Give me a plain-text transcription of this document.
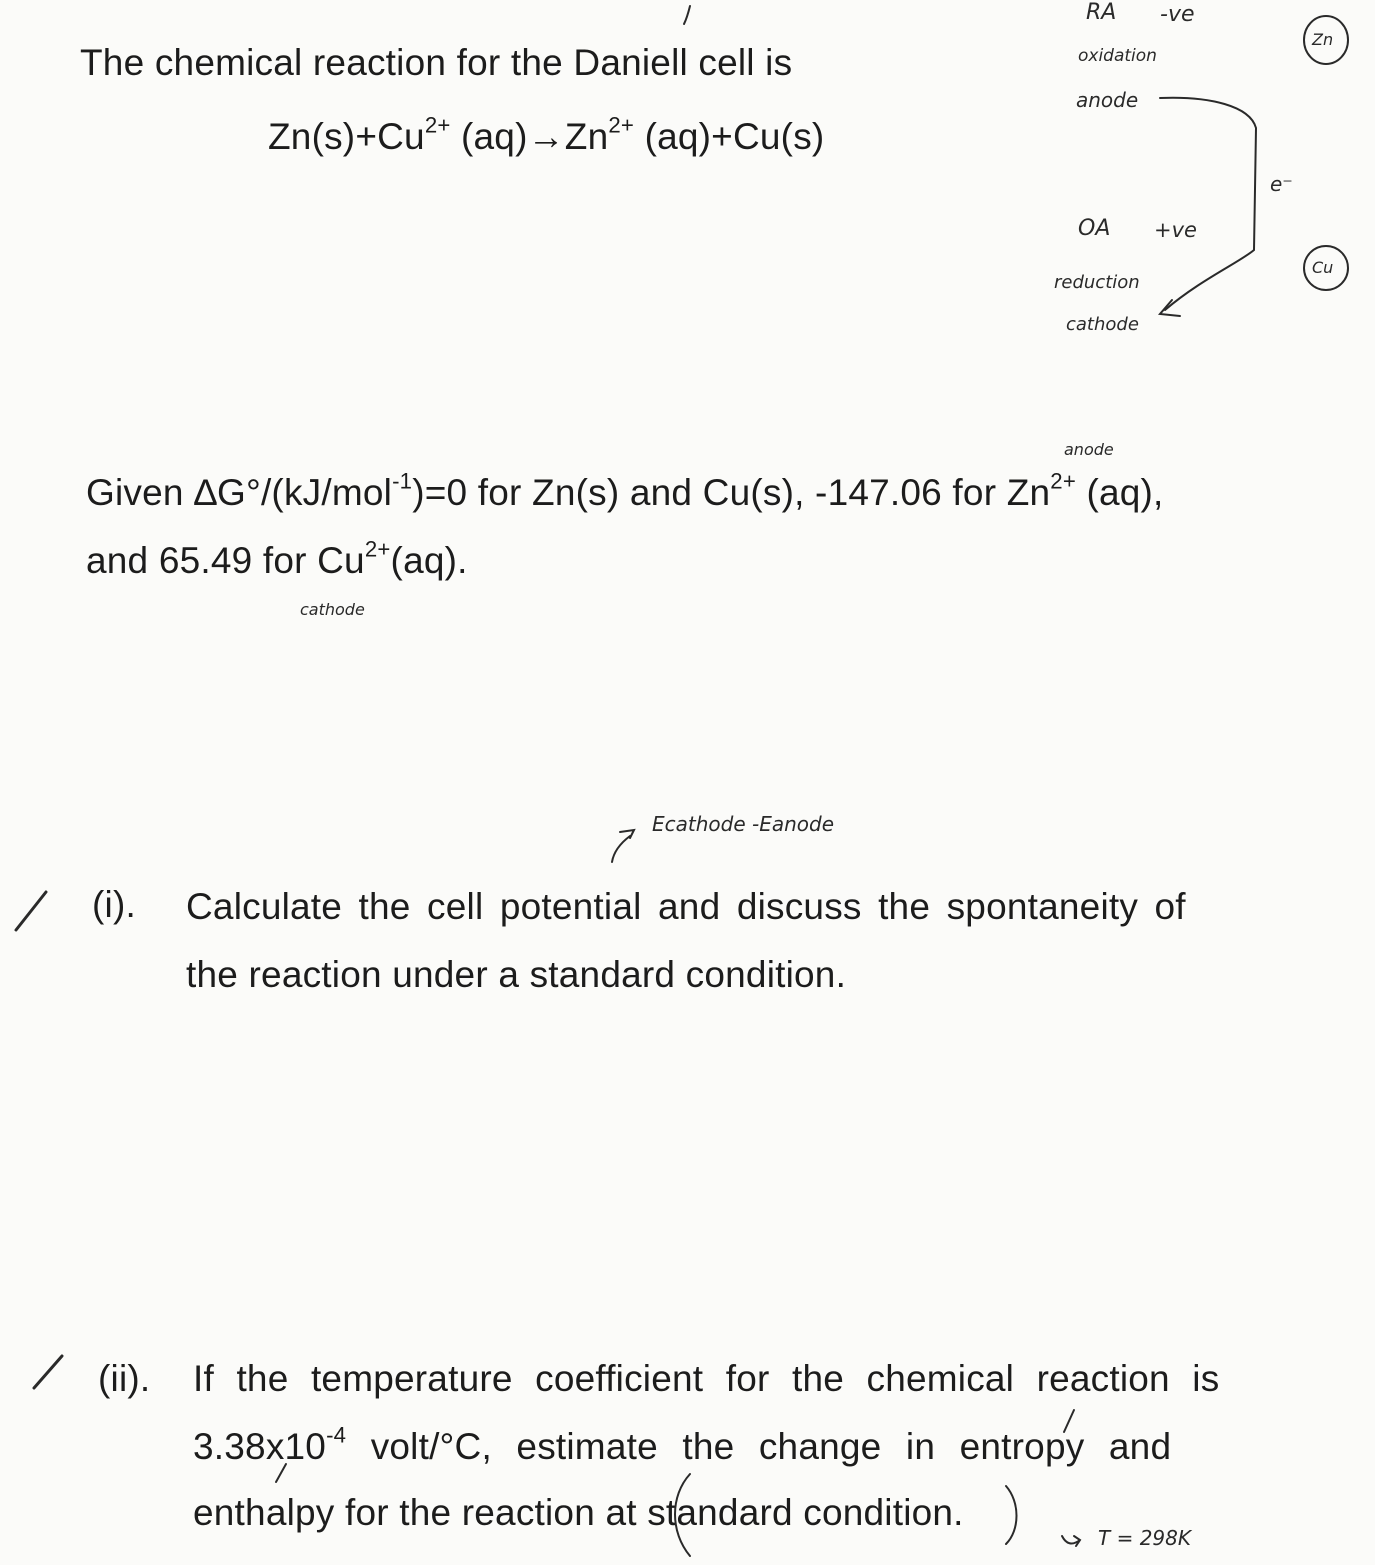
The chemical reaction for the Daniell cell is
$Zn(s)+Cu^{2+}$ $(aq)\to Zn^{2+}$ (aq)+Cu(s)
Given ∆G°/(kJ/mol$^{-1}$)=0 for Zn(s) and Cu(s), -147.06 for $Zn^{2+}$ (aq),
and 65.49 for $Cu^{2+}(aq)$.
(i). Calculate the cell potential and discuss the spontaneity of
the reaction under a standard condition.
(ii). If the temperature coefficient for the chemical reaction is
$3.38x10^{-4}$ volt/°C, estimate the change in entropy and
enthalpy for the reaction at standard condition.
RA -ve
oxidation
anode
e⁻
OA +ve
reduction
cathode
Zn
Cu
anode
cathode
Ecathode -Eanode
T = 298K
